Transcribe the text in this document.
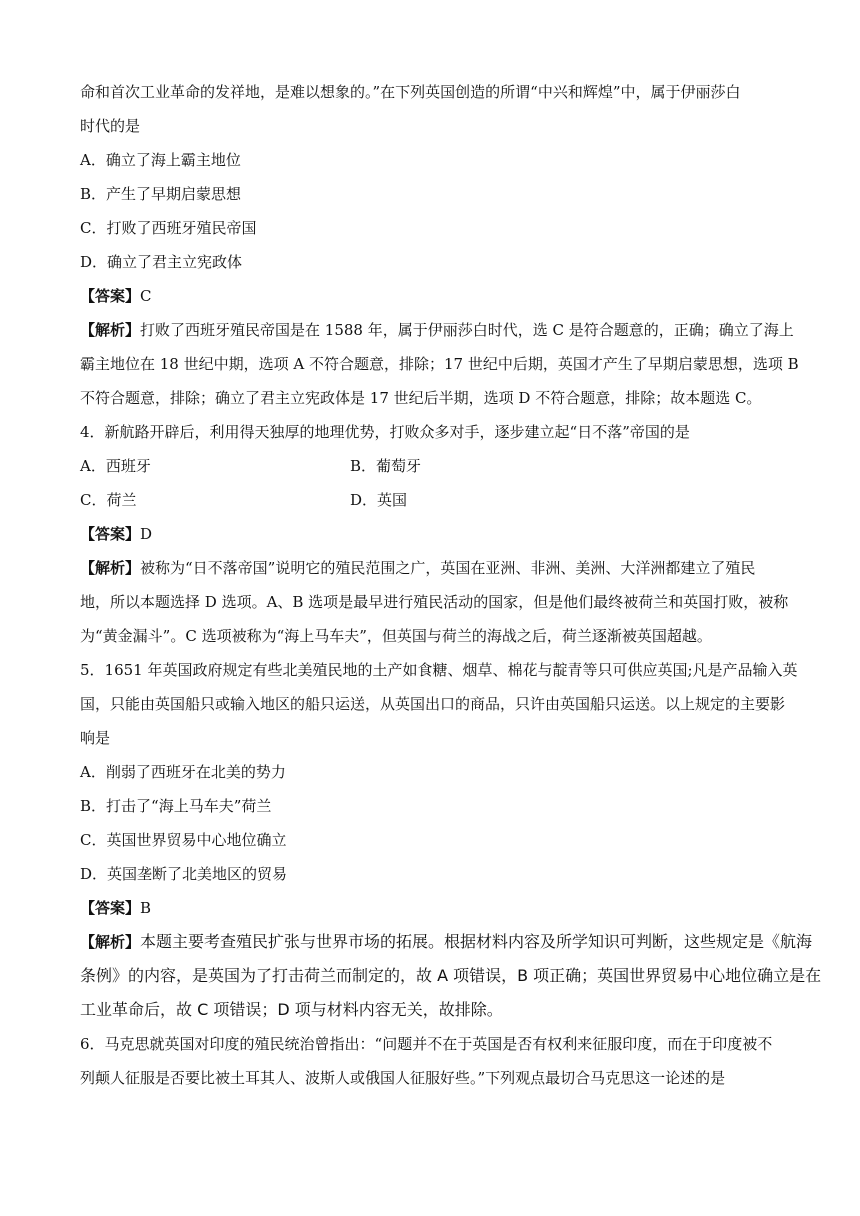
命和首次工业革命的发祥地，是难以想象的。”在下列英国创造的所谓“中兴和辉煌”中，属于伊丽莎白
时代的是
A．确立了海上霸主地位
B．产生了早期启蒙思想
C．打败了西班牙殖民帝国
D．确立了君主立宪政体
【答案】C
【解析】打败了西班牙殖民帝国是在 1588 年，属于伊丽莎白时代，选 C 是符合题意的，正确；确立了海上
霸主地位在 18 世纪中期，选项 A 不符合题意，排除；17 世纪中后期，英国才产生了早期启蒙思想，选项 B
不符合题意，排除；确立了君主立宪政体是 17 世纪后半期，选项 D 不符合题意，排除；故本题选 C。
4．新航路开辟后，利用得天独厚的地理优势，打败众多对手，逐步建立起“日不落”帝国的是
A．西班牙	B．葡萄牙
C．荷兰	D．英国
【答案】D
【解析】被称为“日不落帝国”说明它的殖民范围之广，英国在亚洲、非洲、美洲、大洋洲都建立了殖民
地，所以本题选择 D 选项。A、B 选项是最早进行殖民活动的国家，但是他们最终被荷兰和英国打败，被称
为“黄金漏斗”。C 选项被称为“海上马车夫”，但英国与荷兰的海战之后，荷兰逐渐被英国超越。
5．1651 年英国政府规定有些北美殖民地的土产如食糖、烟草、棉花与靛青等只可供应英国;凡是产品输入英
国，只能由英国船只或输入地区的船只运送，从英国出口的商品，只许由英国船只运送。以上规定的主要影
响是
A．削弱了西班牙在北美的势力
B．打击了“海上马车夫”荷兰
C．英国世界贸易中心地位确立
D．英国垄断了北美地区的贸易
【答案】B
【解析】本题主要考查殖民扩张与世界市场的拓展。根据材料内容及所学知识可判断，这些规定是《航海
条例》的内容，是英国为了打击荷兰而制定的，故 A 项错误，B 项正确；英国世界贸易中心地位确立是在
工业革命后，故 C 项错误；D 项与材料内容无关，故排除。
6．马克思就英国对印度的殖民统治曾指出：“问题并不在于英国是否有权利来征服印度，而在于印度被不
列颠人征服是否要比被土耳其人、波斯人或俄国人征服好些。”下列观点最切合马克思这一论述的是
